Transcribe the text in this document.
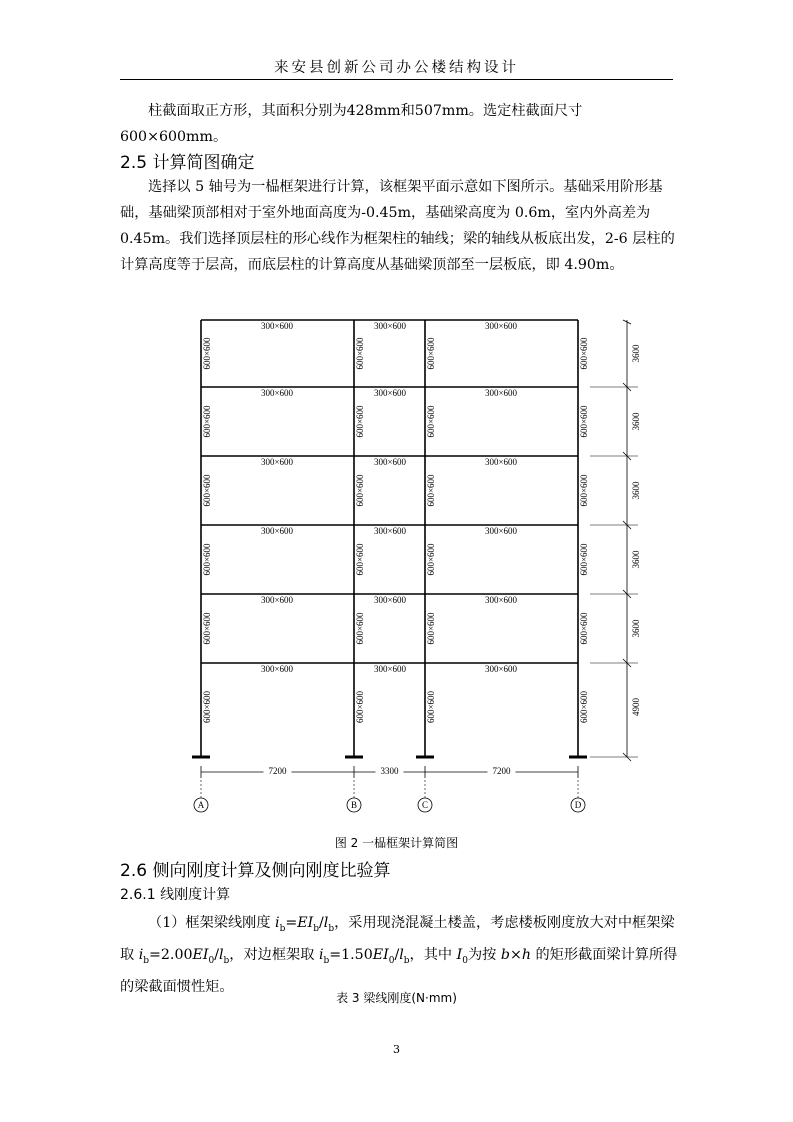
来安县创新公司办公楼结构设计
柱截面取正方形，其面积分别为428mm和507mm。选定柱截面尺寸600×600mm。
2.5 计算简图确定
选择以 5 轴号为一榀框架进行计算，该框架平面示意如下图所示。基础采用阶形基础，基础梁顶部相对于室外地面高度为-0.45m，基础梁高度为 0.6m，室内外高差为 0.45m。我们选择顶层柱的形心线作为框架柱的轴线；梁的轴线从板底出发，2-6 层柱的计算高度等于层高，而底层柱的计算高度从基础梁顶部至一层板底，即 4.90m。
300×600	300×600	300×600
600×600	600×600	600×600	600×600	3600
300×600	300×600	300×600
600×600	600×600	600×600	600×600	3600
300×600	300×600	300×600
600×600	600×600	600×600	600×600	3600
300×600	300×600	300×600
600×600	600×600	600×600	600×600	3600
300×600	300×600	300×600
600×600	600×600	600×600	600×600	3600
300×600	300×600	300×600
600×600	600×600	600×600	600×600	4900
7200	3300	7200
A	B	C	D
图 2 一榀框架计算简图
2.6 侧向刚度计算及侧向刚度比验算
2.6.1 线刚度计算
（1）框架梁线刚度 $i_b=EI_b/l_b$，采用现浇混凝土楼盖，考虑楼板刚度放大对中框架梁取 $i_b=2.00EI_0/l_b$，对边框架取 $i_b=1.50EI_0/l_b$，其中 $I_0$为按 b×h 的矩形截面梁计算所得的梁截面惯性矩。
表 3 梁线刚度(N·mm)
3
